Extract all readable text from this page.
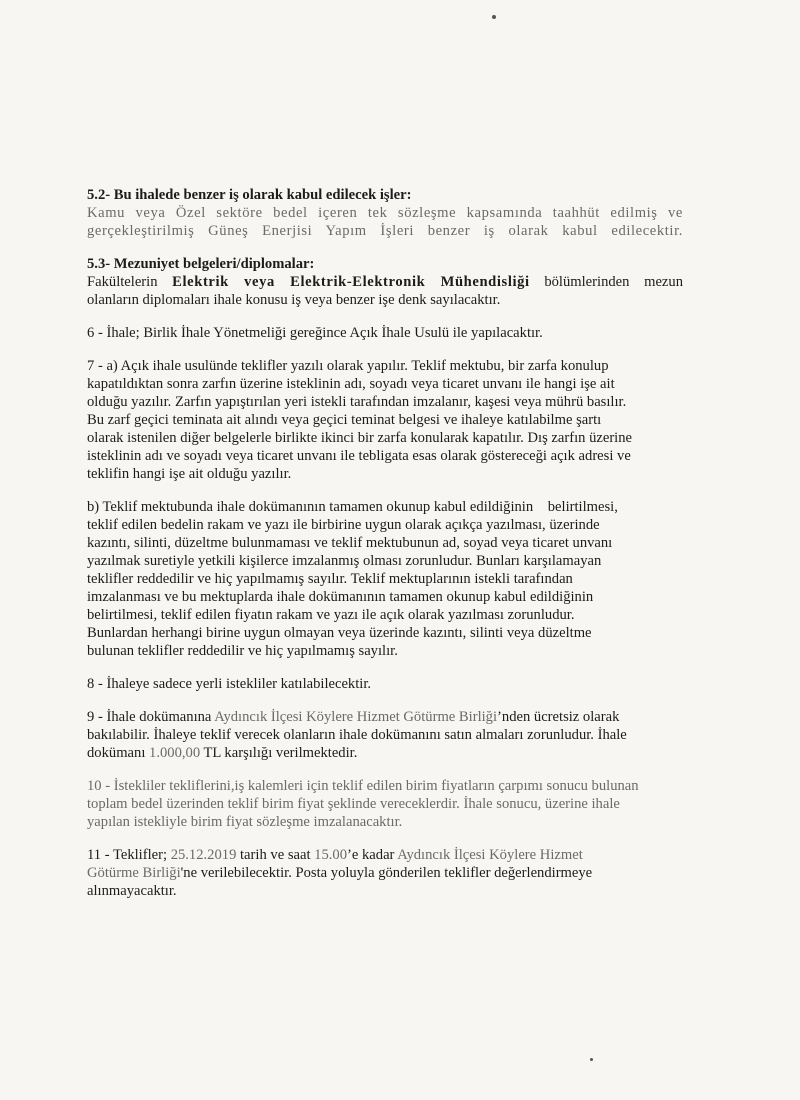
5.2- Bu ihalede benzer iş olarak kabul edilecek işler:

Kamu veya Özel sektöre bedel içeren tek sözleşme kapsamında taahhüt edilmiş ve

gerçekleştirilmiş Güneş Enerjisi Yapım İşleri benzer iş olarak kabul edilecektir.

5.3- Mezuniyet belgeleri/diplomalar:

Fakültelerin Elektrik veya Elektrik-Elektronik Mühendisliği bölümlerinden mezun

olanların diplomaları ihale konusu iş veya benzer işe denk sayılacaktır.

6 - İhale; Birlik İhale Yönetmeliği gereğince Açık İhale Usulü ile yapılacaktır.

7 - a) Açık ihale usulünde teklifler yazılı olarak yapılır. Teklif mektubu, bir zarfa konulup

kapatıldıktan sonra zarfın üzerine isteklinin adı, soyadı veya ticaret unvanı ile hangi işe ait

olduğu yazılır. Zarfın yapıştırılan yeri istekli tarafından imzalanır, kaşesi veya mührü basılır.

Bu zarf geçici teminata ait alındı veya geçici teminat belgesi ve ihaleye katılabilme şartı

olarak istenilen diğer belgelerle birlikte ikinci bir zarfa konularak kapatılır. Dış zarfın üzerine

isteklinin adı ve soyadı veya ticaret unvanı ile tebligata esas olarak göstereceği açık adresi ve

teklifin hangi işe ait olduğu yazılır.

b) Teklif mektubunda ihale dokümanının tamamen okunup kabul edildiğinin    belirtilmesi,

teklif edilen bedelin rakam ve yazı ile birbirine uygun olarak açıkça yazılması, üzerinde

kazıntı, silinti, düzeltme bulunmaması ve teklif mektubunun ad, soyad veya ticaret unvanı

yazılmak suretiyle yetkili kişilerce imzalanmış olması zorunludur. Bunları karşılamayan

teklifler reddedilir ve hiç yapılmamış sayılır. Teklif mektuplarının istekli tarafından

imzalanması ve bu mektuplarda ihale dokümanının tamamen okunup kabul edildiğinin

belirtilmesi, teklif edilen fiyatın rakam ve yazı ile açık olarak yazılması zorunludur.

Bunlardan herhangi birine uygun olmayan veya üzerinde kazıntı, silinti veya düzeltme

bulunan teklifler reddedilir ve hiç yapılmamış sayılır.

8 - İhaleye sadece yerli istekliler katılabilecektir.

9 - İhale dokümanına Aydıncık İlçesi Köylere Hizmet Götürme Birliği’nden ücretsiz olarak

bakılabilir. İhaleye teklif verecek olanların ihale dokümanını satın almaları zorunludur. İhale

dokümanı 1.000,00 TL karşılığı verilmektedir.

10 - İstekliler tekliflerini,iş kalemleri için teklif edilen birim fiyatların çarpımı sonucu bulunan

toplam bedel üzerinden teklif birim fiyat şeklinde vereceklerdir. İhale sonucu, üzerine ihale

yapılan istekliyle birim fiyat sözleşme imzalanacaktır.

11 - Teklifler; 25.12.2019 tarih ve saat 15.00’e kadar Aydıncık İlçesi Köylere Hizmet

Götürme Birliği'ne verilebilecektir. Posta yoluyla gönderilen teklifler değerlendirmeye

alınmayacaktır.
